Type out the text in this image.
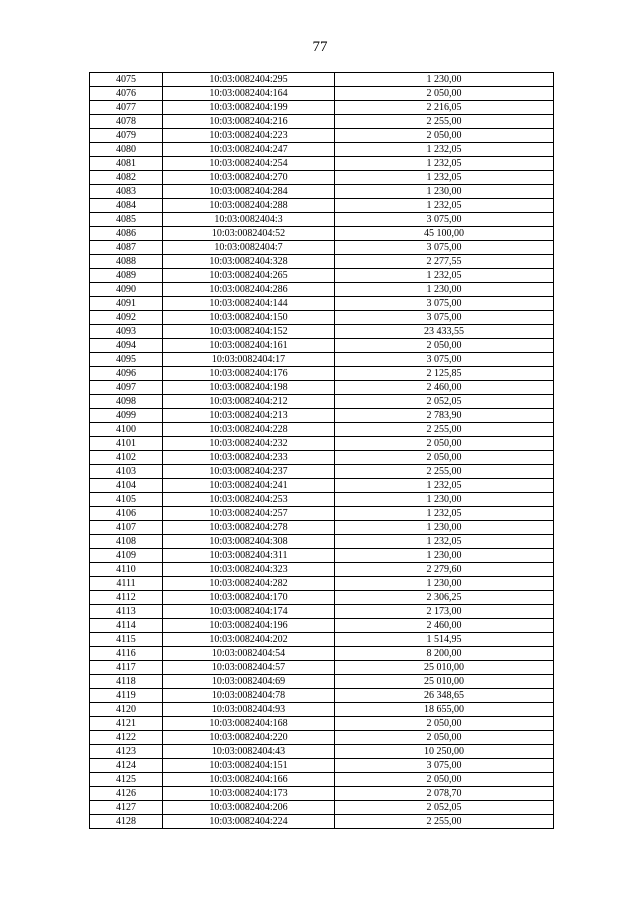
77
4075	10:03:0082404:295	1 230,00
4076	10:03:0082404:164	2 050,00
4077	10:03:0082404:199	2 216,05
4078	10:03:0082404:216	2 255,00
4079	10:03:0082404:223	2 050,00
4080	10:03:0082404:247	1 232,05
4081	10:03:0082404:254	1 232,05
4082	10:03:0082404:270	1 232,05
4083	10:03:0082404:284	1 230,00
4084	10:03:0082404:288	1 232,05
4085	10:03:0082404:3	3 075,00
4086	10:03:0082404:52	45 100,00
4087	10:03:0082404:7	3 075,00
4088	10:03:0082404:328	2 277,55
4089	10:03:0082404:265	1 232,05
4090	10:03:0082404:286	1 230,00
4091	10:03:0082404:144	3 075,00
4092	10:03:0082404:150	3 075,00
4093	10:03:0082404:152	23 433,55
4094	10:03:0082404:161	2 050,00
4095	10:03:0082404:17	3 075,00
4096	10:03:0082404:176	2 125,85
4097	10:03:0082404:198	2 460,00
4098	10:03:0082404:212	2 052,05
4099	10:03:0082404:213	2 783,90
4100	10:03:0082404:228	2 255,00
4101	10:03:0082404:232	2 050,00
4102	10:03:0082404:233	2 050,00
4103	10:03:0082404:237	2 255,00
4104	10:03:0082404:241	1 232,05
4105	10:03:0082404:253	1 230,00
4106	10:03:0082404:257	1 232,05
4107	10:03:0082404:278	1 230,00
4108	10:03:0082404:308	1 232,05
4109	10:03:0082404:311	1 230,00
4110	10:03:0082404:323	2 279,60
4111	10:03:0082404:282	1 230,00
4112	10:03:0082404:170	2 306,25
4113	10:03:0082404:174	2 173,00
4114	10:03:0082404:196	2 460,00
4115	10:03:0082404:202	1 514,95
4116	10:03:0082404:54	8 200,00
4117	10:03:0082404:57	25 010,00
4118	10:03:0082404:69	25 010,00
4119	10:03:0082404:78	26 348,65
4120	10:03:0082404:93	18 655,00
4121	10:03:0082404:168	2 050,00
4122	10:03:0082404:220	2 050,00
4123	10:03:0082404:43	10 250,00
4124	10:03:0082404:151	3 075,00
4125	10:03:0082404:166	2 050,00
4126	10:03:0082404:173	2 078,70
4127	10:03:0082404:206	2 052,05
4128	10:03:0082404:224	2 255,00
